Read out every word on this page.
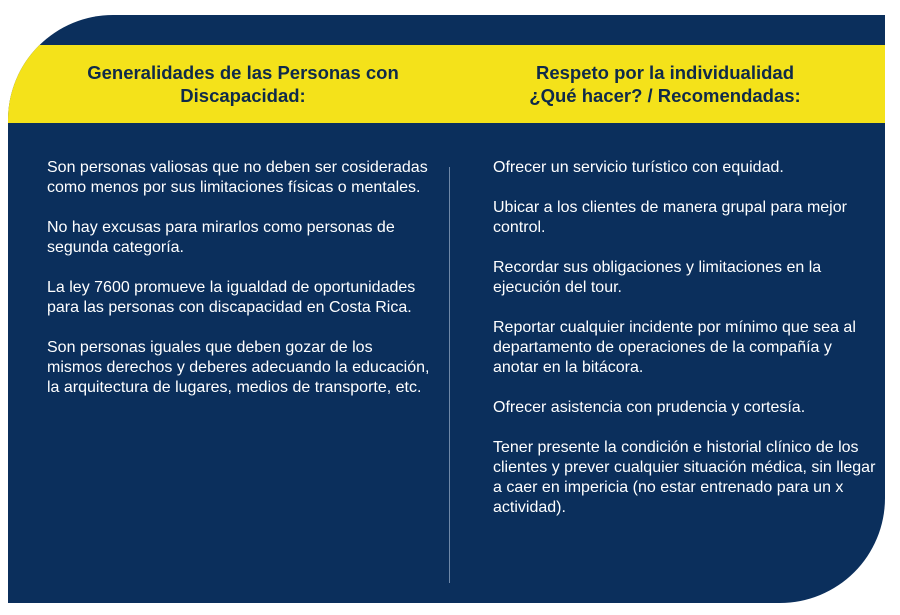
Generalidades de las Personas con
Discapacidad:
Respeto por la individualidad
¿Qué hacer? / Recomendadas:
Son personas valiosas que no deben ser cosideradas como menos por sus limitaciones físicas o mentales.
No hay excusas para mirarlos como personas de segunda categoría.
La ley 7600 promueve la igualdad de oportunidades para las personas con discapacidad en Costa Rica.
Son personas iguales que deben gozar de los mismos derechos y deberes adecuando la educación, la arquitectura de lugares, medios de transporte, etc.
Ofrecer un servicio turístico con equidad.
Ubicar a los clientes de manera grupal para mejor control.
Recordar sus obligaciones y limitaciones en la ejecución del tour.
Reportar cualquier incidente por mínimo que sea al departamento de operaciones de la compañía y anotar en la bitácora.
Ofrecer asistencia con prudencia y cortesía.
Tener presente la condición e historial clínico de los clientes y prever cualquier situación médica, sin llegar a caer en impericia (no estar entrenado para un x actividad).
